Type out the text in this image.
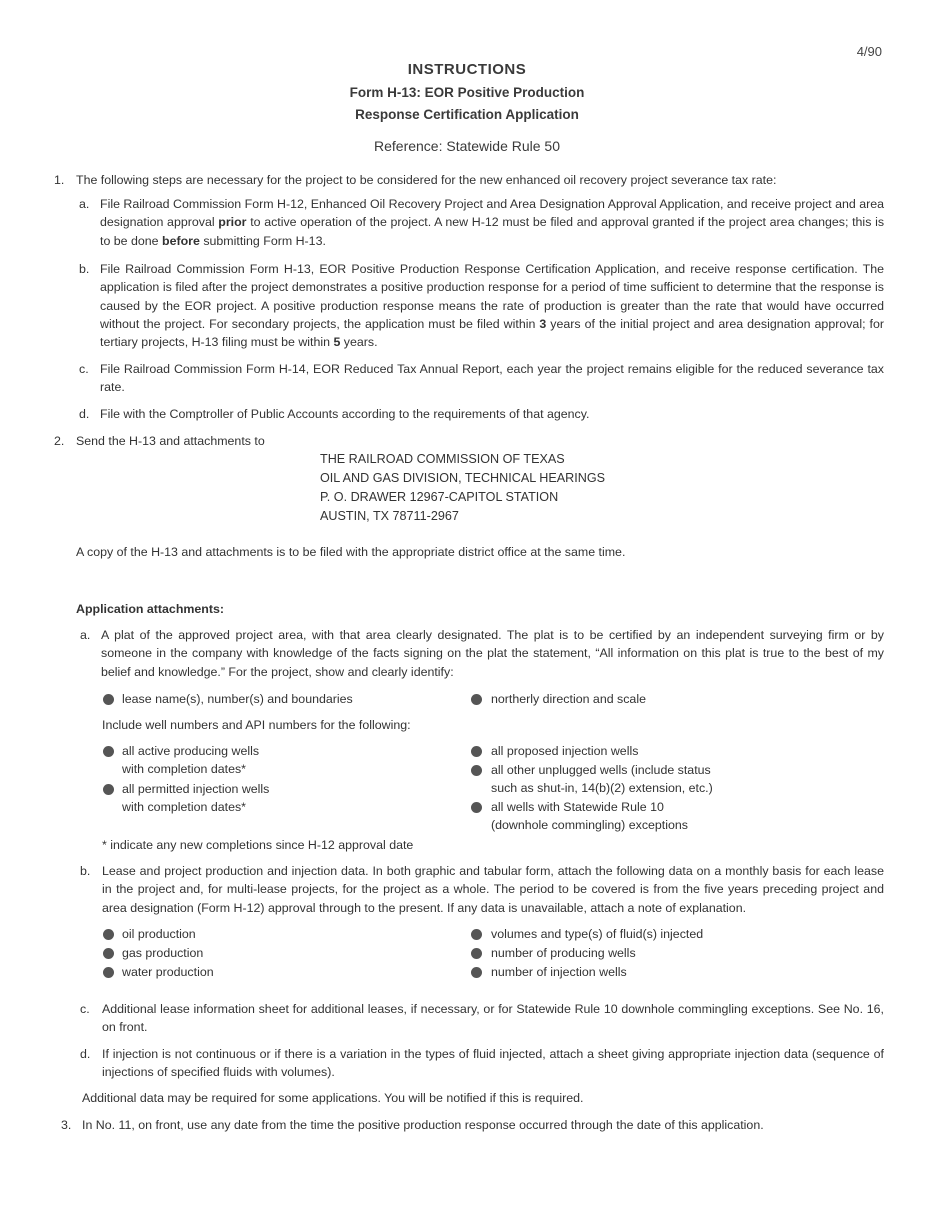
4/90
INSTRUCTIONS
Form H-13: EOR Positive Production
Response Certification Application
Reference: Statewide Rule 50
1. The following steps are necessary for the project to be considered for the new enhanced oil recovery project severance tax rate:
a. File Railroad Commission Form H-12, Enhanced Oil Recovery Project and Area Designation Approval Application, and receive project and area designation approval prior to active operation of the project. A new H-12 must be filed and approval granted if the project area changes; this is to be done before submitting Form H-13.
b. File Railroad Commission Form H-13, EOR Positive Production Response Certification Application, and receive response certification. The application is filed after the project demonstrates a positive production response for a period of time sufficient to determine that the response is caused by the EOR project. A positive production response means the rate of production is greater than the rate that would have occurred without the project. For secondary projects, the application must be filed within 3 years of the initial project and area designation approval; for tertiary projects, H-13 filing must be within 5 years.
c. File Railroad Commission Form H-14, EOR Reduced Tax Annual Report, each year the project remains eligible for the reduced severance tax rate.
d. File with the Comptroller of Public Accounts according to the requirements of that agency.
2. Send the H-13 and attachments to
THE RAILROAD COMMISSION OF TEXAS
OIL AND GAS DIVISION, TECHNICAL HEARINGS
P. O. DRAWER 12967-CAPITOL STATION
AUSTIN, TX 78711-2967
A copy of the H-13 and attachments is to be filed with the appropriate district office at the same time.
Application attachments:
a. A plat of the approved project area, with that area clearly designated. The plat is to be certified by an independent surveying firm or by someone in the company with knowledge of the facts signing on the plat the statement, “All information on this plat is true to the best of my belief and knowledge.” For the project, show and clearly identify:
lease name(s), number(s) and boundaries	northerly direction and scale
Include well numbers and API numbers for the following:
all active producing wells
with completion dates*
all permitted injection wells
with completion dates*
all proposed injection wells
all other unplugged wells (include status
such as shut-in, 14(b)(2) extension, etc.)
all wells with Statewide Rule 10
(downhole commingling) exceptions
* indicate any new completions since H-12 approval date
b. Lease and project production and injection data. In both graphic and tabular form, attach the following data on a monthly basis for each lease in the project and, for multi-lease projects, for the project as a whole. The period to be covered is from the five years preceding project and area designation (Form H-12) approval through to the present. If any data is unavailable, attach a note of explanation.
oil production
gas production
water production
volumes and type(s) of fluid(s) injected
number of producing wells
number of injection wells
c. Additional lease information sheet for additional leases, if necessary, or for Statewide Rule 10 downhole commingling exceptions. See No. 16, on front.
d. If injection is not continuous or if there is a variation in the types of fluid injected, attach a sheet giving appropriate injection data (sequence of injections of specified fluids with volumes).
Additional data may be required for some applications. You will be notified if this is required.
3. In No. 11, on front, use any date from the time the positive production response occurred through the date of this application.
